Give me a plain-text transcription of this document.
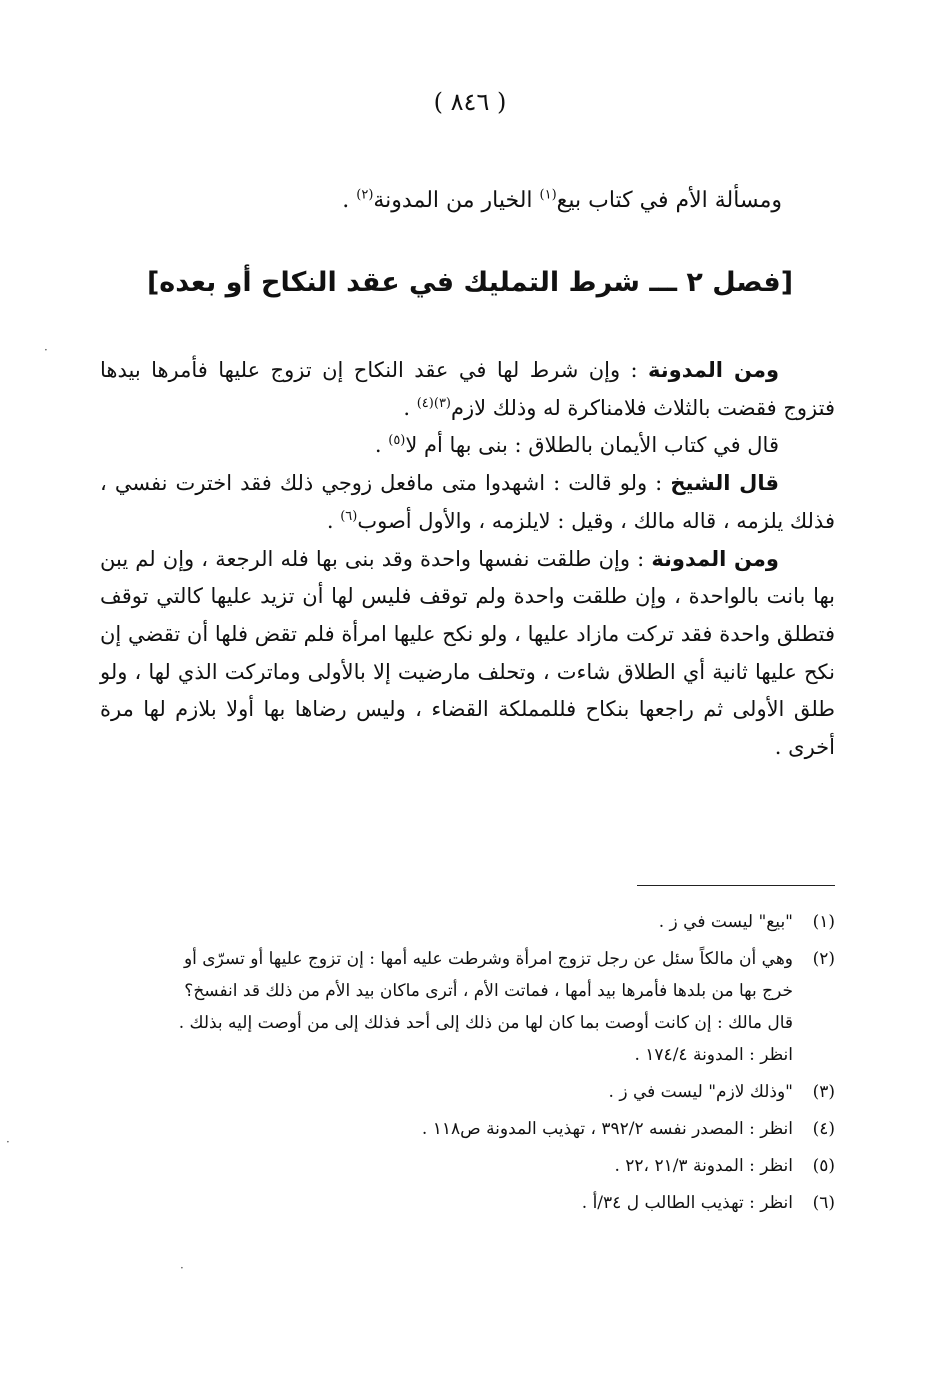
( ٨٤٦ )
ومسألة الأم في كتاب بيع$^{(١)}$ الخيار من المدونة$^{(٢)}$ .
[فصل ٢ ـــ شرط التمليك في عقد النكاح أو بعده]

ومن المدونة : وإن شرط لها في عقد النكاح إن تزوج عليها فأمرها بيدها فتزوج فقضت بالثلاث فلامناكرة له وذلك لازم$^{(٣)(٤)}$ .

قال في كتاب الأيمان بالطلاق : بنى بها أم لا$^{(٥)}$ .

قال الشيخ : ولو قالت : اشهدوا متى مافعل زوجي ذلك فقد اخترت نفسي ، فذلك يلزمه ، قاله مالك ، وقيل : لايلزمه ، والأول أصوب$^{(٦)}$ .

ومن المدونة : وإن طلقت نفسها واحدة وقد بنى بها فله الرجعة ، وإن لم يبن بها بانت بالواحدة ، وإن طلقت واحدة ولم توقف فليس لها أن تزيد عليها كالتي توقف فتطلق واحدة فقد تركت مازاد عليها ، ولو نكح عليها امرأة فلم تقض فلها أن تقضي إن نكح عليها ثانية أي الطلاق شاءت ، وتحلف مارضيت إلا بالأولى وماتركت الذي لها ، ولو طلق الأولى ثم راجعها بنكاح فللمملكة القضاء ، وليس رضاها بها أولا بلازم لها مرة أخرى .

(١)
"بيع" ليست في ز .
(٢)
وهي أن مالكاً سئل عن رجل تزوج امرأة وشرطت عليه أمها : إن تزوج عليها أو تسرّى أو
خرج بها من بلدها فأمرها بيد أمها ، فماتت الأم ، أترى ماكان بيد الأم من ذلك قد انفسخ؟
قال مالك : إن كانت أوصت بما كان لها من ذلك إلى أحد فذلك إلى من أوصت إليه بذلك .
انظر : المدونة ١٧٤/٤ .
(٣)
"وذلك لازم" ليست في ز .
(٤)
انظر : المصدر نفسه ٣٩٢/٢ ، تهذيب المدونة ص١١٨ .
(٥)
انظر : المدونة ٢١/٣ ،٢٢ .
(٦)
انظر : تهذيب الطالب ل ٣٤/أ .
·
·
·
